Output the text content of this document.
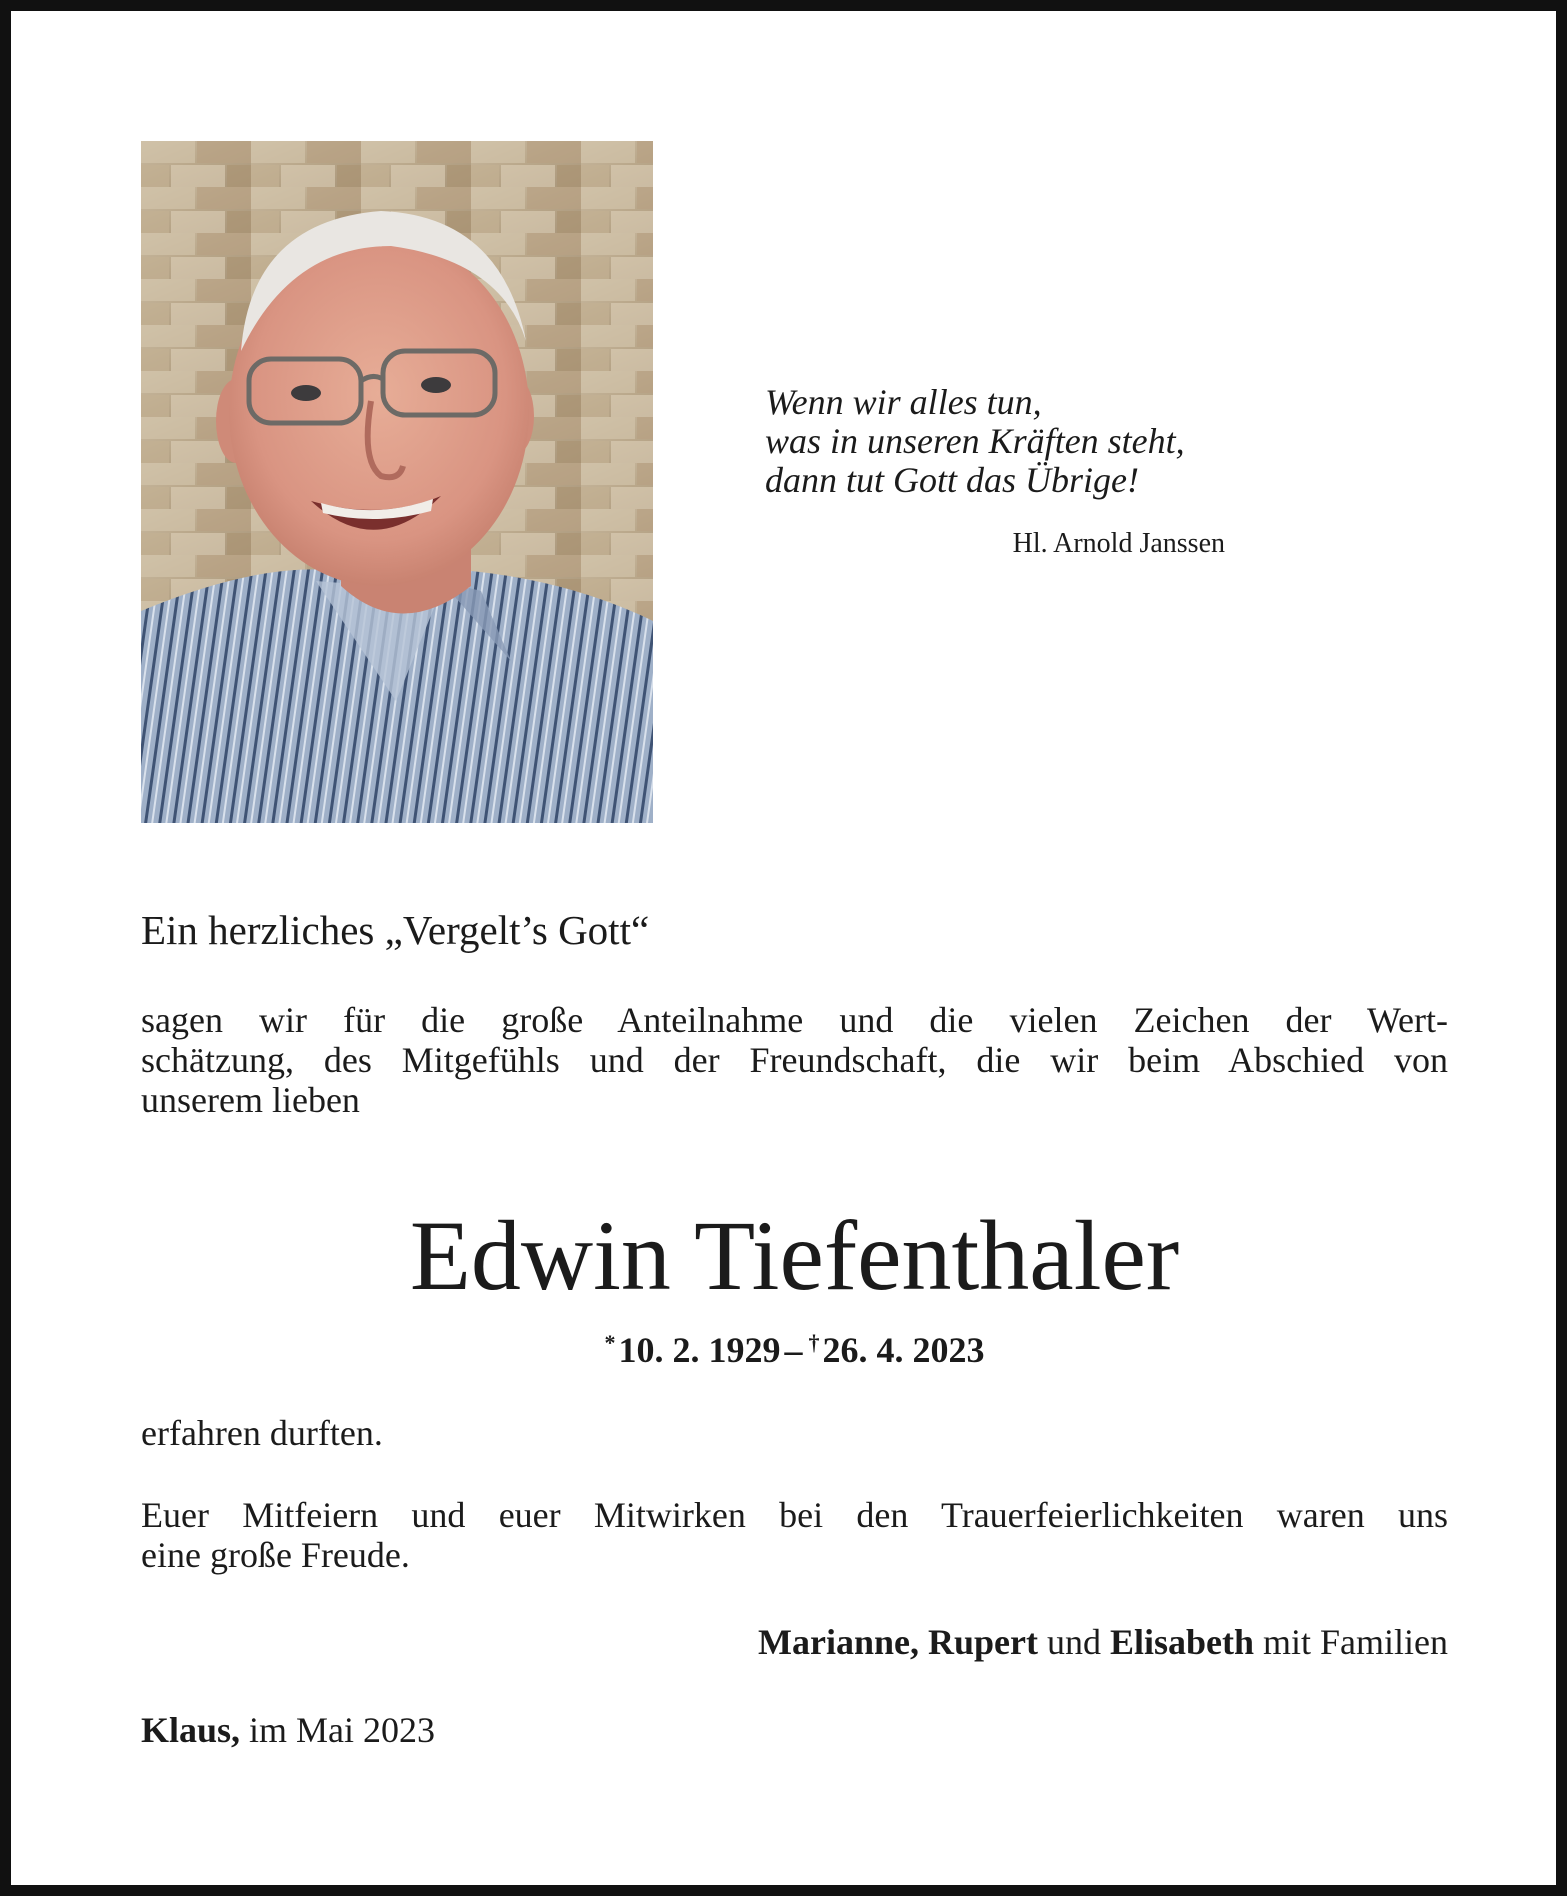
Wenn wir alles tun,
was in unseren Kräften steht,
dann tut Gott das Übrige!
Hl. Arnold Janssen
Ein herzliches „Vergelt’s Gott“
sagen wir für die große Anteilnahme und die vielen Zeichen der Wert-
schätzung, des Mitgefühls und der Freundschaft, die wir beim Abschied von
unserem lieben
Edwin Tiefenthaler
*10. 2. 1929 – †26. 4. 2023
erfahren durften.
Euer Mitfeiern und euer Mitwirken bei den Trauerfeierlichkeiten waren uns
eine große Freude.
Marianne, Rupert und Elisabeth mit Familien
Klaus, im Mai 2023
